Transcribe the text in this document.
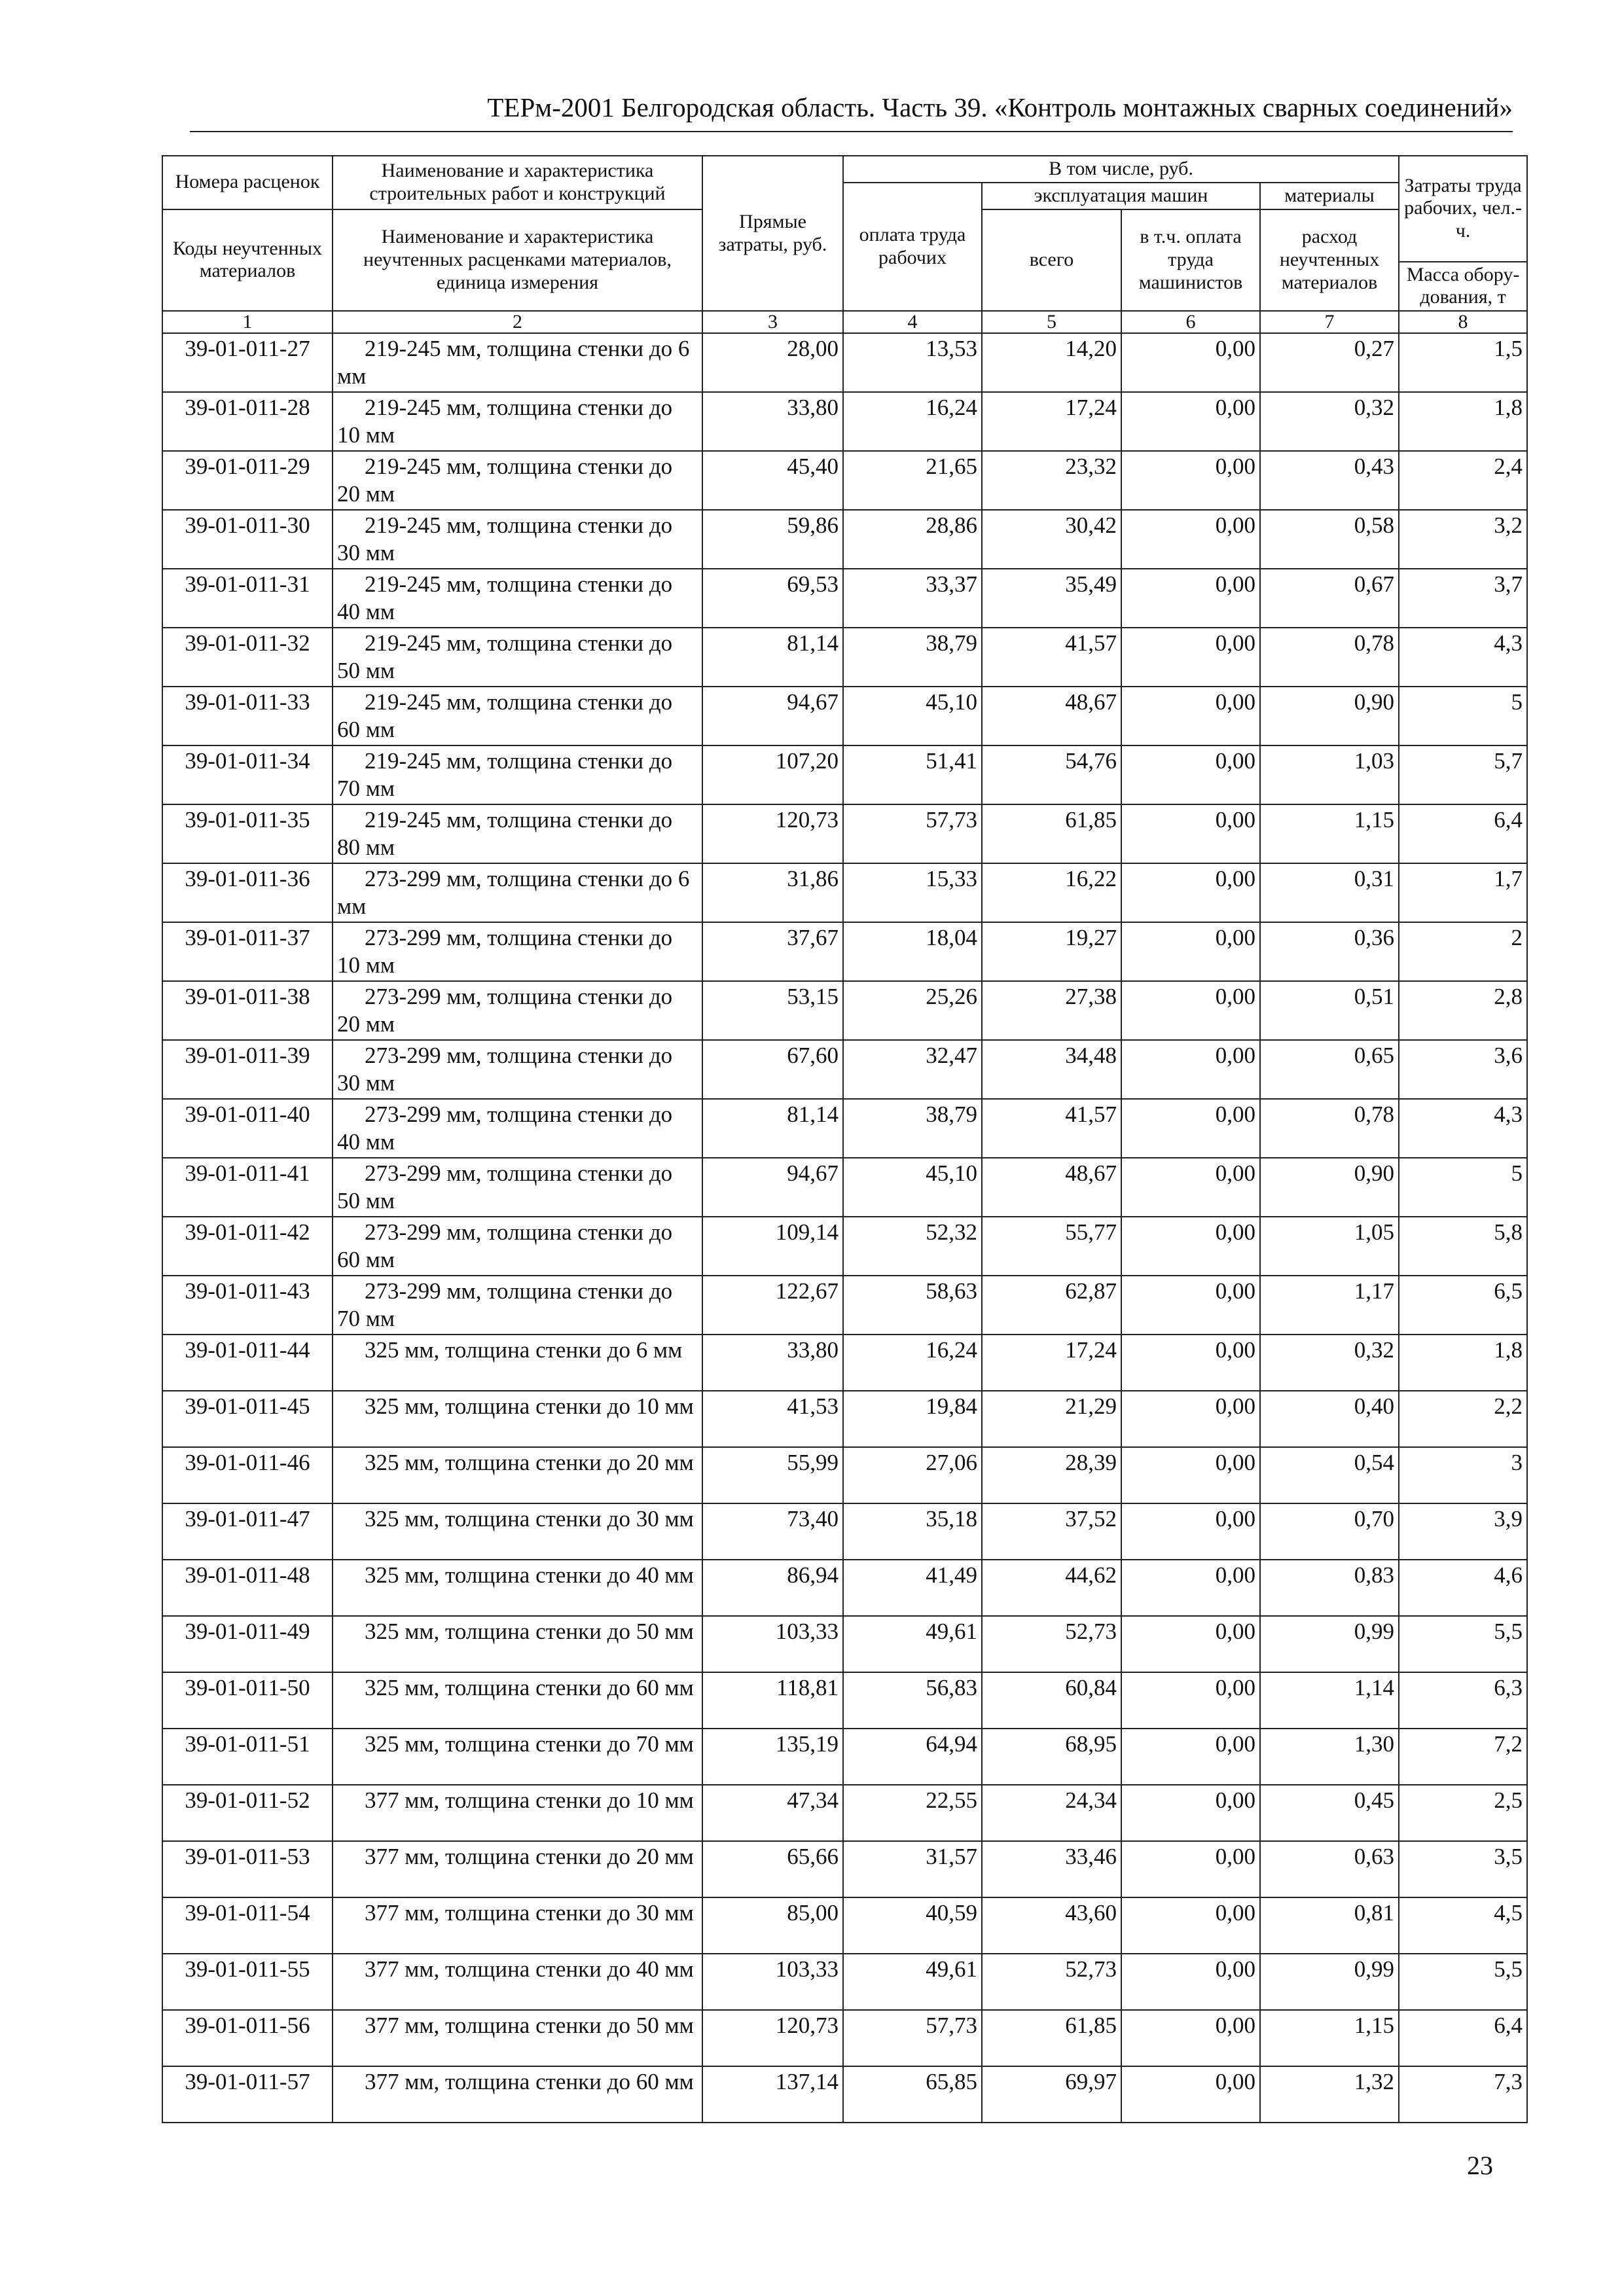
ТЕРм-2001 Белгородская область. Часть 39. «Контроль монтажных сварных соединений»
Номера расценок	Наименование и характеристика строительных работ и конструкций	Прямые затраты, руб.	В том числе, руб.				Затраты труда рабочих, чел.-ч.
			оплата труда рабочих	эксплуатация машин		материалы	
Коды неучтенных материалов	Наименование и характеристика неучтенных расценками материалов, единица измерения			всего	в т.ч. оплата труда машинистов	расход неучтенных материалов	
							Масса обору-дования, т
1	2	3	4	5	6	7	8
39-01-011-27	219-245 мм, толщина стенки до 6 мм	28,00	13,53	14,20	0,00	0,27	1,5
39-01-011-28	219-245 мм, толщина стенки до 10 мм	33,80	16,24	17,24	0,00	0,32	1,8
39-01-011-29	219-245 мм, толщина стенки до 20 мм	45,40	21,65	23,32	0,00	0,43	2,4
39-01-011-30	219-245 мм, толщина стенки до 30 мм	59,86	28,86	30,42	0,00	0,58	3,2
39-01-011-31	219-245 мм, толщина стенки до 40 мм	69,53	33,37	35,49	0,00	0,67	3,7
39-01-011-32	219-245 мм, толщина стенки до 50 мм	81,14	38,79	41,57	0,00	0,78	4,3
39-01-011-33	219-245 мм, толщина стенки до 60 мм	94,67	45,10	48,67	0,00	0,90	5
39-01-011-34	219-245 мм, толщина стенки до 70 мм	107,20	51,41	54,76	0,00	1,03	5,7
39-01-011-35	219-245 мм, толщина стенки до 80 мм	120,73	57,73	61,85	0,00	1,15	6,4
39-01-011-36	273-299 мм, толщина стенки до 6 мм	31,86	15,33	16,22	0,00	0,31	1,7
39-01-011-37	273-299 мм, толщина стенки до 10 мм	37,67	18,04	19,27	0,00	0,36	2
39-01-011-38	273-299 мм, толщина стенки до 20 мм	53,15	25,26	27,38	0,00	0,51	2,8
39-01-011-39	273-299 мм, толщина стенки до 30 мм	67,60	32,47	34,48	0,00	0,65	3,6
39-01-011-40	273-299 мм, толщина стенки до 40 мм	81,14	38,79	41,57	0,00	0,78	4,3
39-01-011-41	273-299 мм, толщина стенки до 50 мм	94,67	45,10	48,67	0,00	0,90	5
39-01-011-42	273-299 мм, толщина стенки до 60 мм	109,14	52,32	55,77	0,00	1,05	5,8
39-01-011-43	273-299 мм, толщина стенки до 70 мм	122,67	58,63	62,87	0,00	1,17	6,5
39-01-011-44	325 мм, толщина стенки до 6 мм	33,80	16,24	17,24	0,00	0,32	1,8
39-01-011-45	325 мм, толщина стенки до 10 мм	41,53	19,84	21,29	0,00	0,40	2,2
39-01-011-46	325 мм, толщина стенки до 20 мм	55,99	27,06	28,39	0,00	0,54	3
39-01-011-47	325 мм, толщина стенки до 30 мм	73,40	35,18	37,52	0,00	0,70	3,9
39-01-011-48	325 мм, толщина стенки до 40 мм	86,94	41,49	44,62	0,00	0,83	4,6
39-01-011-49	325 мм, толщина стенки до 50 мм	103,33	49,61	52,73	0,00	0,99	5,5
39-01-011-50	325 мм, толщина стенки до 60 мм	118,81	56,83	60,84	0,00	1,14	6,3
39-01-011-51	325 мм, толщина стенки до 70 мм	135,19	64,94	68,95	0,00	1,30	7,2
39-01-011-52	377 мм, толщина стенки до 10 мм	47,34	22,55	24,34	0,00	0,45	2,5
39-01-011-53	377 мм, толщина стенки до 20 мм	65,66	31,57	33,46	0,00	0,63	3,5
39-01-011-54	377 мм, толщина стенки до 30 мм	85,00	40,59	43,60	0,00	0,81	4,5
39-01-011-55	377 мм, толщина стенки до 40 мм	103,33	49,61	52,73	0,00	0,99	5,5
39-01-011-56	377 мм, толщина стенки до 50 мм	120,73	57,73	61,85	0,00	1,15	6,4
39-01-011-57	377 мм, толщина стенки до 60 мм	137,14	65,85	69,97	0,00	1,32	7,3
23
